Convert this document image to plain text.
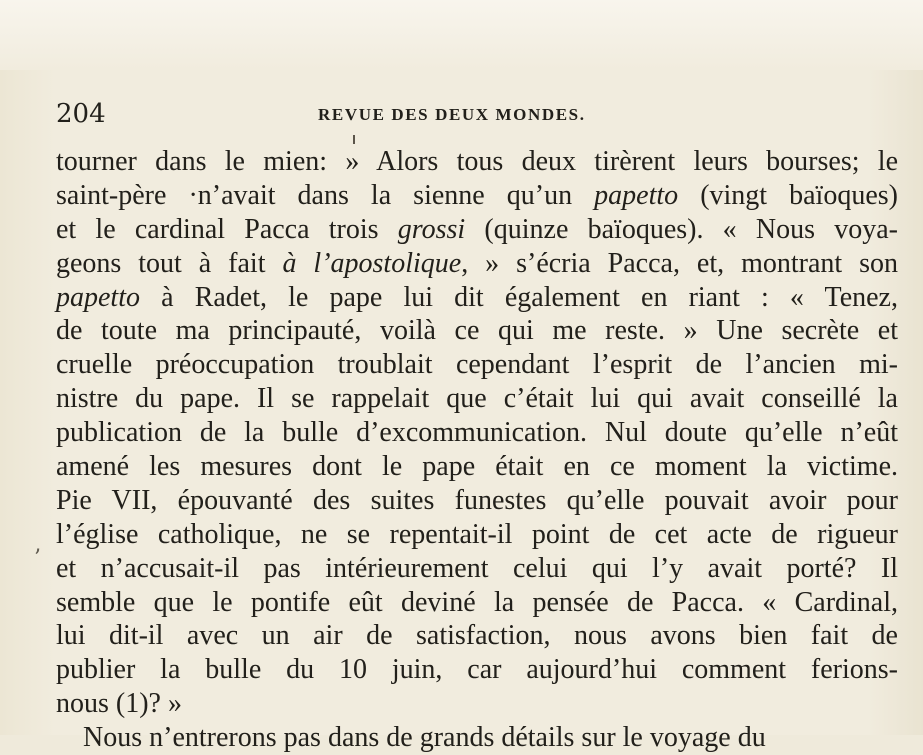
204	REVUE DES DEUX MONDES.
’
tourner dans le mien: » Alors tous deux tirèrent leurs bourses; le
saint-père ·n’avait dans la sienne qu’un papetto (vingt baïoques)
et le cardinal Pacca trois grossi (quinze baïoques). « Nous voya-
geons tout à fait à l’apostolique, » s’écria Pacca, et, montrant son
papetto à Radet, le pape lui dit également en riant : « Tenez,
de toute ma principauté, voilà ce qui me reste. » Une secrète et
cruelle préoccupation troublait cependant l’esprit de l’ancien mi-
nistre du pape. Il se rappelait que c’était lui qui avait conseillé la
publication de la bulle d’excommunication. Nul doute qu’elle n’eût
amené les mesures dont le pape était en ce moment la victime.
Pie VII, épouvanté des suites funestes qu’elle pouvait avoir pour
l’église catholique, ne se repentait-il point de cet acte de rigueur
et n’accusait-il pas intérieurement celui qui l’y avait porté? Il
semble que le pontife eût deviné la pensée de Pacca. « Cardinal,
lui dit-il avec un air de satisfaction, nous avons bien fait de
publier la bulle du 10 juin, car aujourd’hui comment ferions-
nous (1)? »
Nous n’entrerons pas dans de grands détails sur le voyage du
